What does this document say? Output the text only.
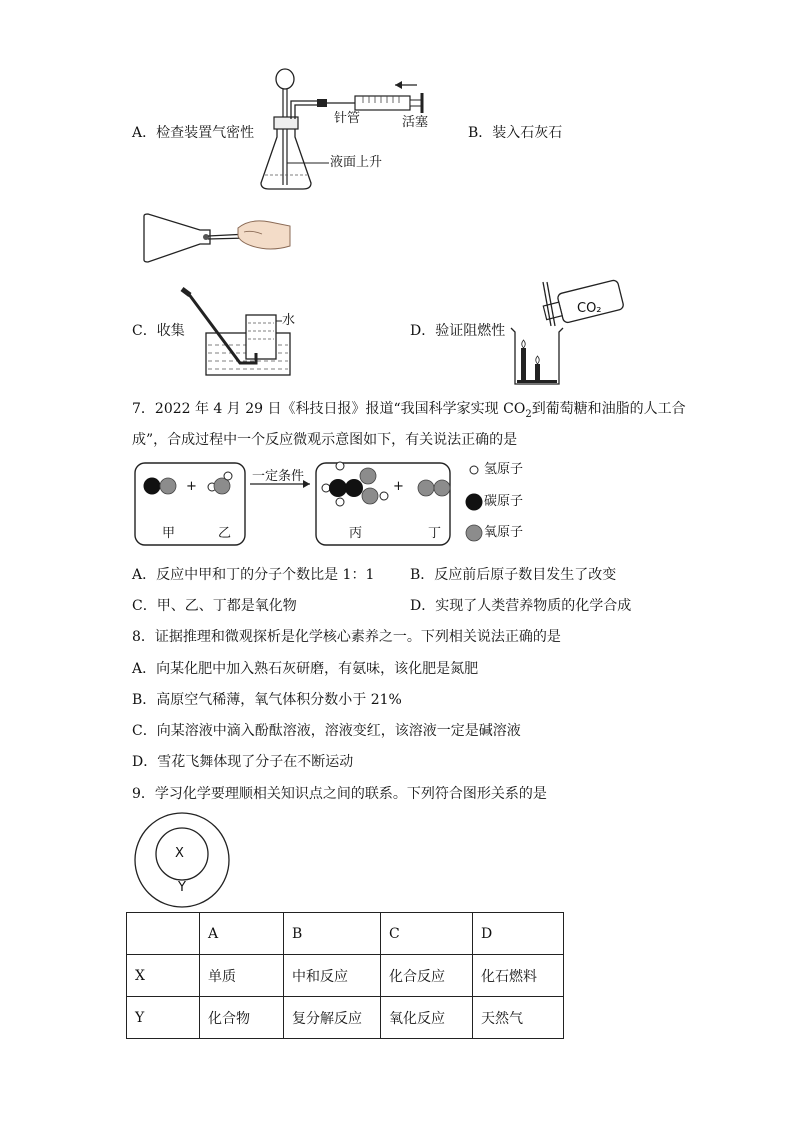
A．检查装置气密性	B．装入石灰石
针管	活塞
液面上升
C．收集	D．验证阻燃性
水
CO₂
7．2022 年 4 月 29 日《科技日报》报道“我国科学家实现 $CO_2$到葡萄糖和油脂的人工合
成”，合成过程中一个反应微观示意图如下，有关说法正确的是
+	+
一定条件
甲	乙	丙	丁
氢原子
碳原子
氧原子
A．反应中甲和丁的分子个数比是 1：1	B．反应前后原子数目发生了改变
C．甲、乙、丁都是氧化物	D．实现了人类营养物质的化学合成
8．证据推理和微观探析是化学核心素养之一。下列相关说法正确的是
A．向某化肥中加入熟石灰研磨，有氨味，该化肥是氮肥
B．高原空气稀薄，氧气体积分数小于 21%
C．向某溶液中滴入酚酞溶液，溶液变红，该溶液一定是碱溶液
D．雪花飞舞体现了分子在不断运动
9．学习化学要理顺相关知识点之间的联系。下列符合图形关系的是
X
Y
	A	B	C	D
X	单质	中和反应	化合反应	化石燃料
Y	化合物	复分解反应	氧化反应	天然气
